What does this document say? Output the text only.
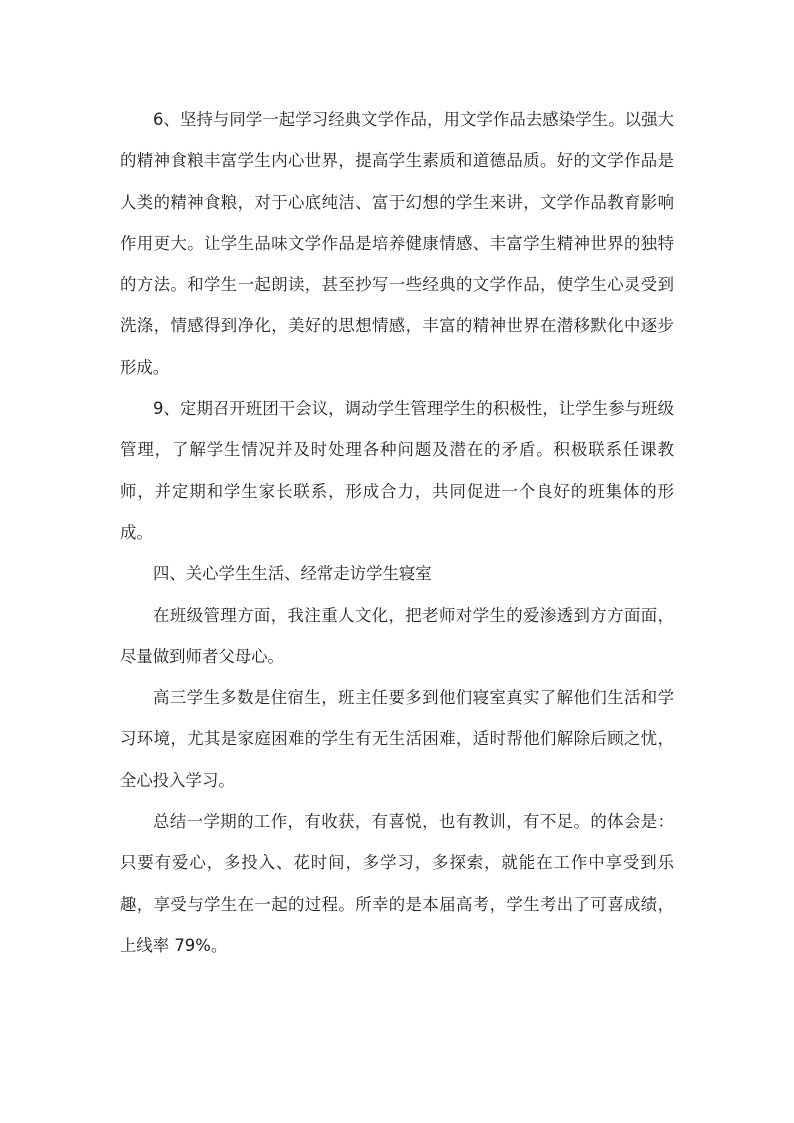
6、坚持与同学一起学习经典文学作品，用文学作品去感染学生。以强大的精神食粮丰富学生内心世界，提高学生素质和道德品质。好的文学作品是人类的精神食粮，对于心底纯洁、富于幻想的学生来讲，文学作品教育影响作用更大。让学生品味文学作品是培养健康情感、丰富学生精神世界的独特的方法。和学生一起朗读，甚至抄写一些经典的文学作品，使学生心灵受到洗涤，情感得到净化，美好的思想情感，丰富的精神世界在潜移默化中逐步形成。

9、定期召开班团干会议，调动学生管理学生的积极性，让学生参与班级管理，了解学生情况并及时处理各种问题及潜在的矛盾。积极联系任课教师，并定期和学生家长联系，形成合力，共同促进一个良好的班集体的形成。

四、关心学生生活、经常走访学生寝室

在班级管理方面，我注重人文化，把老师对学生的爱渗透到方方面面，尽量做到师者父母心。

高三学生多数是住宿生，班主任要多到他们寝室真实了解他们生活和学习环境，尤其是家庭困难的学生有无生活困难，适时帮他们解除后顾之忧，全心投入学习。

总结一学期的工作，有收获，有喜悦，也有教训，有不足。的体会是：只要有爱心，多投入、花时间，多学习，多探索，就能在工作中享受到乐趣，享受与学生在一起的过程。所幸的是本届高考，学生考出了可喜成绩，上线率 79%。
